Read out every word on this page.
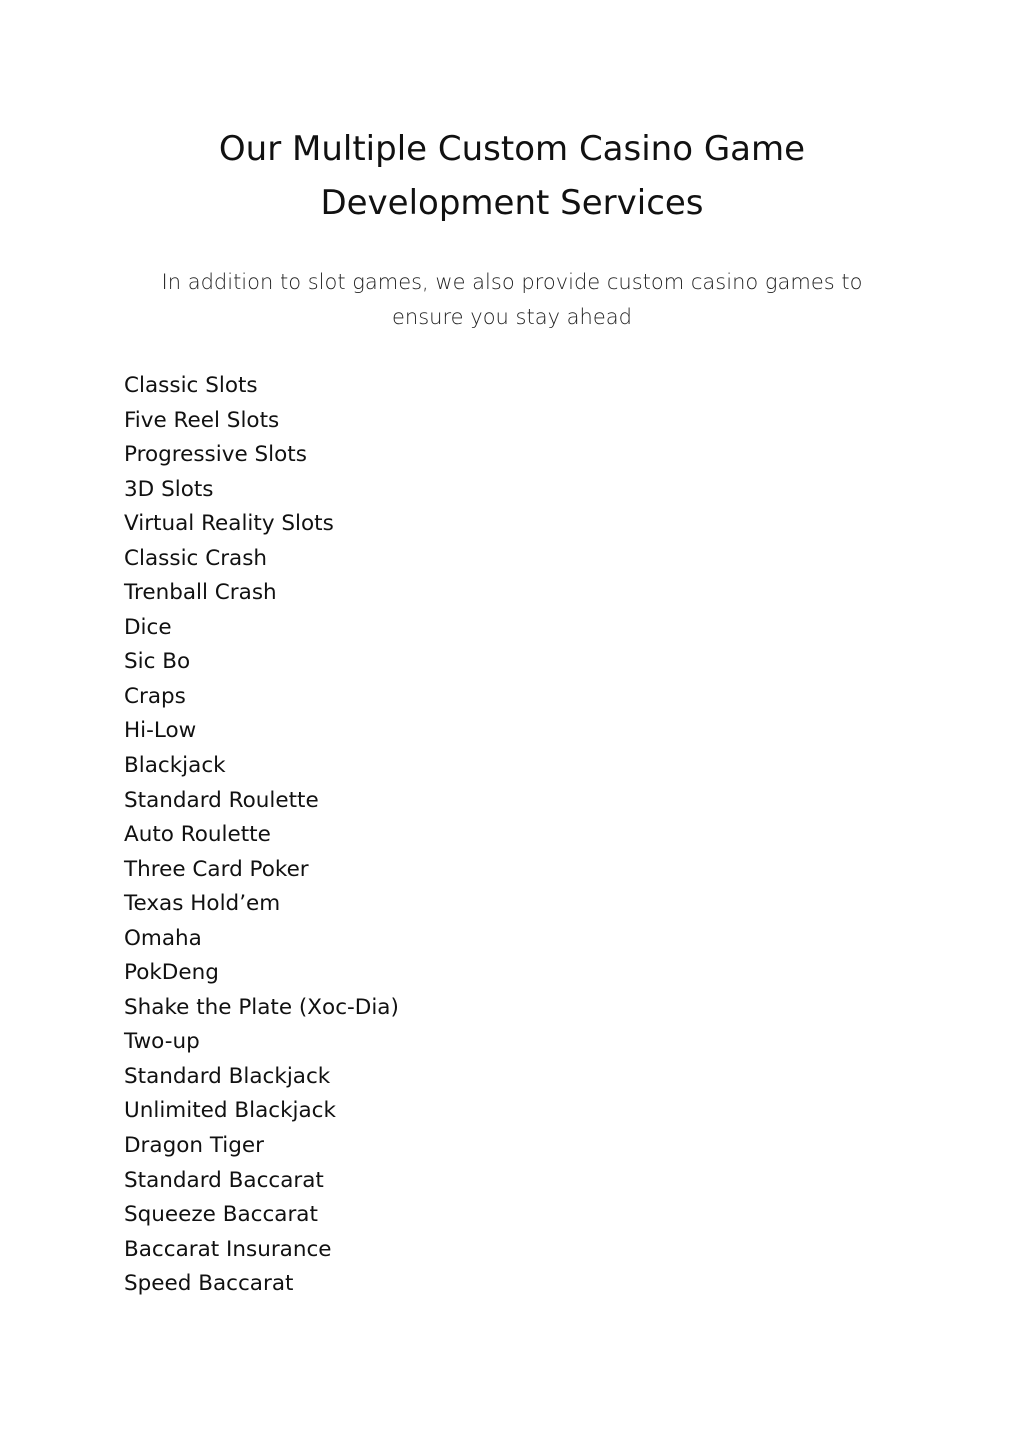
Our Multiple Custom Casino Game
Development Services

In addition to slot games, we also provide custom casino games to
ensure you stay ahead

Classic Slots
Five Reel Slots
Progressive Slots
3D Slots
Virtual Reality Slots
Classic Crash
Trenball Crash
Dice
Sic Bo
Craps
Hi-Low
Blackjack
Standard Roulette
Auto Roulette
Three Card Poker
Texas Hold’em
Omaha
PokDeng
Shake the Plate (Xoc-Dia)
Two-up
Standard Blackjack
Unlimited Blackjack
Dragon Tiger
Standard Baccarat
Squeeze Baccarat
Baccarat Insurance
Speed Baccarat
